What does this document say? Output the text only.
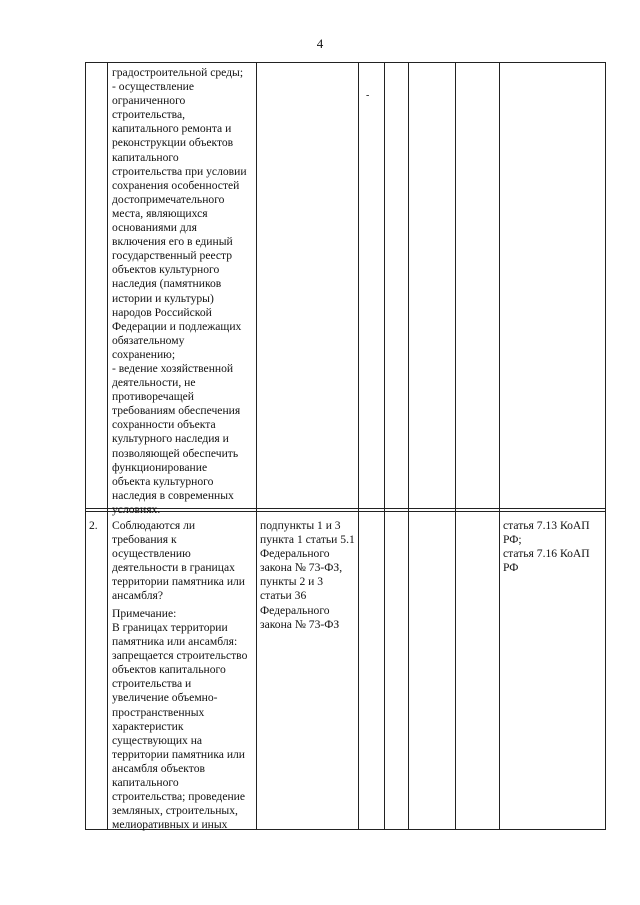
4
градостроительной среды;
- осуществление
ограниченного
строительства,
капитального ремонта и
реконструкции объектов
капитального
строительства при условии
сохранения особенностей
достопримечательного
места, являющихся
основаниями для
включения его в единый
государственный реестр
объектов культурного
наследия (памятников
истории и культуры)
народов Российской
Федерации и подлежащих
обязательному
сохранению;
- ведение хозяйственной
деятельности, не
противоречащей
требованиям обеспечения
сохранности объекта
культурного наследия и
позволяющей обеспечить
функционирование
объекта культурного
наследия в современных
условиях.
-
2. Соблюдаются ли
требования к
осуществлению
деятельности в границах
территории памятника или
ансамбля?
Примечание:
В границах территории
памятника или ансамбля:
запрещается строительство
объектов капитального
строительства и
увеличение объемно-
пространственных
характеристик
существующих на
территории памятника или
ансамбля объектов
капитального
строительства; проведение
земляных, строительных,
мелиоративных и иных
подпункты 1 и 3
пункта 1 статьи 5.1
Федерального
закона № 73-ФЗ,
пункты 2 и 3
статьи 36
Федерального
закона № 73-ФЗ
статья 7.13 КоАП
РФ;
статья 7.16 КоАП
РФ
